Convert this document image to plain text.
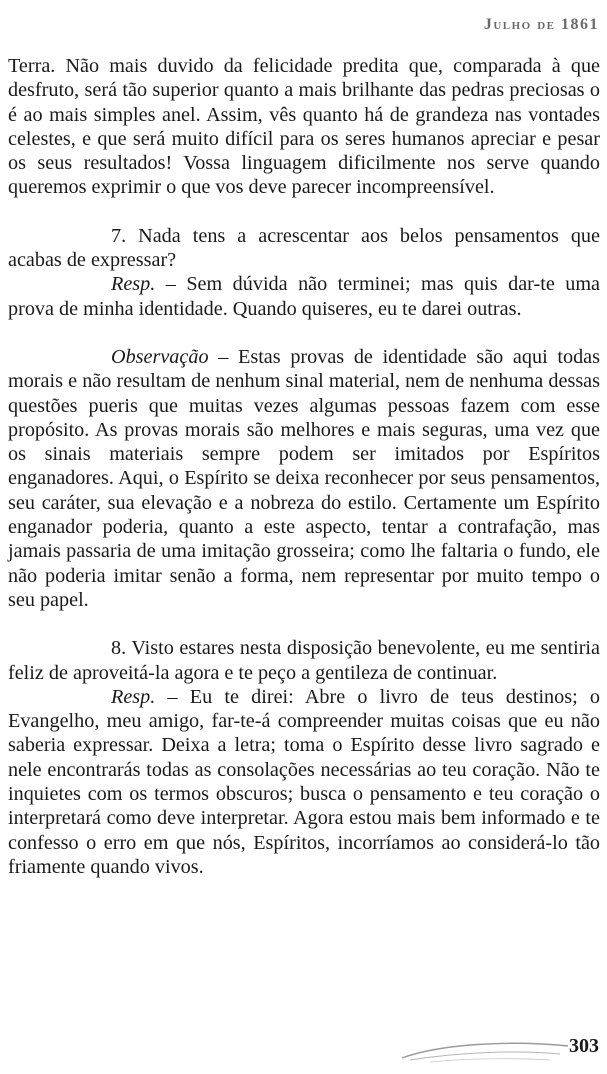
Julho de 1861

Terra. Não mais duvido da felicidade predita que, comparada à que desfruto, será tão superior quanto a mais brilhante das pedras preciosas o é ao mais simples anel. Assim, vês quanto há de grandeza nas vontades celestes, e que será muito difícil para os seres humanos apreciar e pesar os seus resultados! Vossa linguagem dificilmente nos serve quando queremos exprimir o que vos deve parecer incompreensível.

7. Nada tens a acrescentar aos belos pensamentos que acabas de expressar?

Resp. – Sem dúvida não terminei; mas quis dar-te uma prova de minha identidade. Quando quiseres, eu te darei outras.

Observação – Estas provas de identidade são aqui todas morais e não resultam de nenhum sinal material, nem de nenhuma dessas questões pueris que muitas vezes algumas pessoas fazem com esse propósito. As provas morais são melhores e mais seguras, uma vez que os sinais materiais sempre podem ser imitados por Espíritos enganadores. Aqui, o Espírito se deixa reconhecer por seus pensamentos, seu caráter, sua elevação e a nobreza do estilo. Certamente um Espírito enganador poderia, quanto a este aspecto, tentar a contrafação, mas jamais passaria de uma imitação grosseira; como lhe faltaria o fundo, ele não poderia imitar senão a forma, nem representar por muito tempo o seu papel.

8. Visto estares nesta disposição benevolente, eu me sentiria feliz de aproveitá-la agora e te peço a gentileza de continuar.

Resp. – Eu te direi: Abre o livro de teus destinos; o Evangelho, meu amigo, far-te-á compreender muitas coisas que eu não saberia expressar. Deixa a letra; toma o Espírito desse livro sagrado e nele encontrarás todas as consolações necessárias ao teu coração. Não te inquietes com os termos obscuros; busca o pensamento e teu coração o interpretará como deve interpretar. Agora estou mais bem informado e te confesso o erro em que nós, Espíritos, incorríamos ao considerá-lo tão friamente quando vivos.

303
